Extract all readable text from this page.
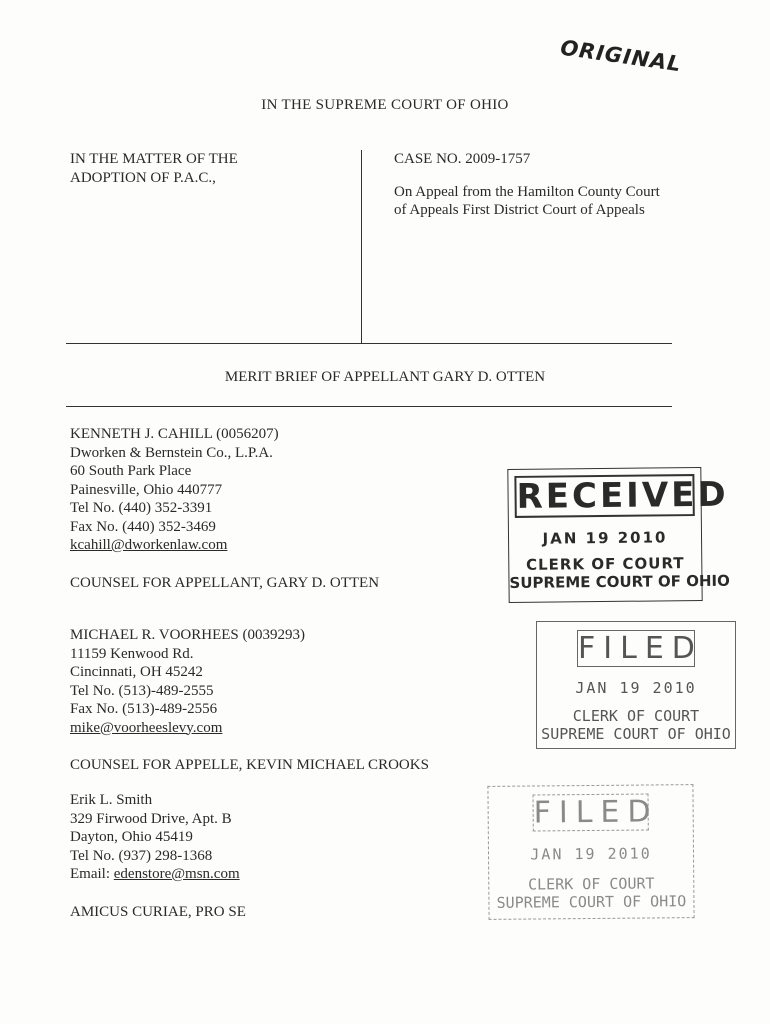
ORIGINAL
IN THE SUPREME COURT OF OHIO
IN THE MATTER OF THE
ADOPTION OF P.A.C.,
CASE NO. 2009-1757
On Appeal from the Hamilton County Court
of Appeals First District Court of Appeals
MERIT BRIEF OF APPELLANT GARY D. OTTEN
KENNETH J. CAHILL (0056207)
Dworken & Bernstein Co., L.P.A.
60 South Park Place
Painesville, Ohio 440777
Tel No. (440) 352-3391
Fax No. (440) 352-3469
kcahill@dworkenlaw.com
COUNSEL FOR APPELLANT, GARY D. OTTEN
MICHAEL R. VOORHEES (0039293)
11159 Kenwood Rd.
Cincinnati, OH 45242
Tel No. (513)-489-2555
Fax No. (513)-489-2556
mike@voorheeslevy.com
COUNSEL FOR APPELLE, KEVIN MICHAEL CROOKS
Erik L. Smith
329 Firwood Drive, Apt. B
Dayton, Ohio 45419
Tel No. (937) 298-1368
Email: edenstore@msn.com
AMICUS CURIAE, PRO SE
RECEIVED
JAN 19 2010
CLERK OF COURT
SUPREME COURT OF OHIO
FILED
JAN 19 2010
CLERK OF COURT
SUPREME COURT OF OHIO
FILED
JAN 19 2010
CLERK OF COURT
SUPREME COURT OF OHIO
